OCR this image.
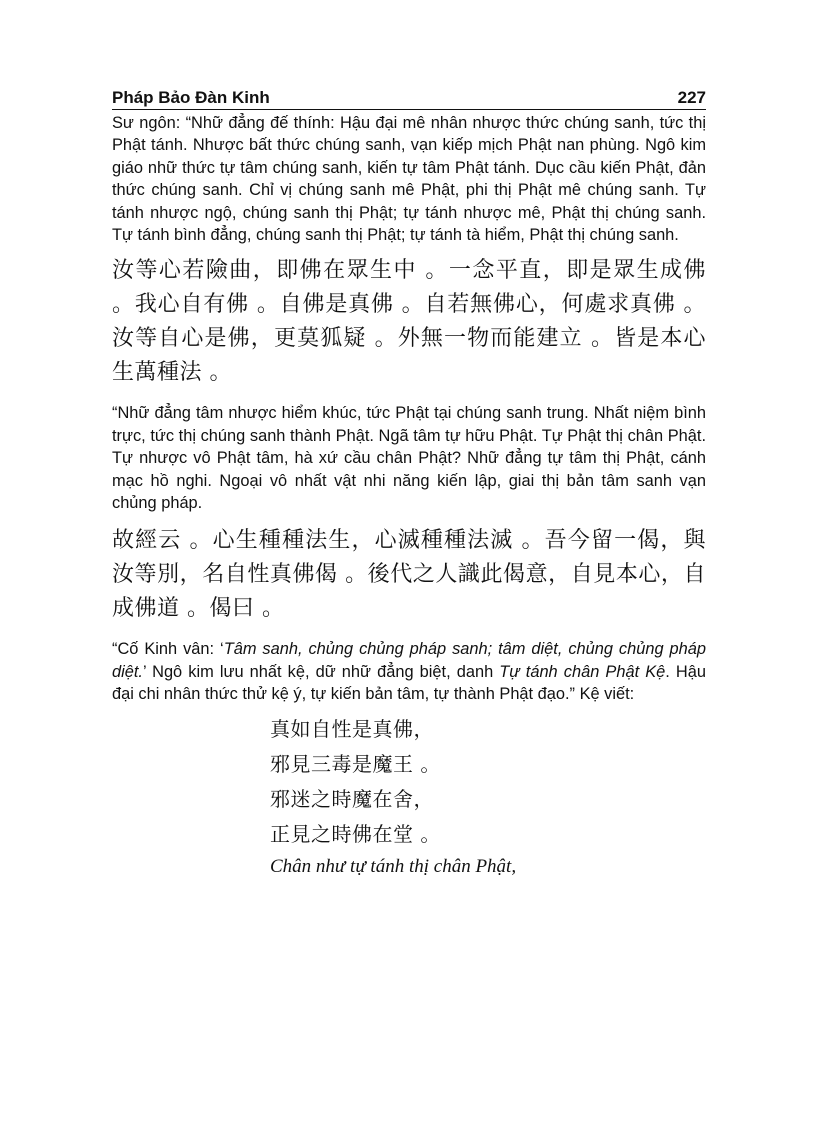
Pháp Bảo Đàn Kinh	227

Sư ngôn: “Nhữ đẳng đế thính: Hậu đại mê nhân nhược thức chúng sanh, tức thị Phật tánh. Nhược bất thức chúng sanh, vạn kiếp mịch Phật nan phùng. Ngô kim giáo nhữ thức tự tâm chúng sanh, kiến tự tâm Phật tánh. Dục cầu kiến Phật, đản thức chúng sanh. Chỉ vị chúng sanh mê Phật, phi thị Phật mê chúng sanh. Tự tánh nhược ngộ, chúng sanh thị Phật; tự tánh nhược mê, Phật thị chúng sanh. Tự tánh bình đẳng, chúng sanh thị Phật; tự tánh tà hiểm, Phật thị chúng sanh.

汝等心若險曲，即佛在眾生中 。一念平直，即是眾生成佛 。我心自有佛 。自佛是真佛 。自若無佛心，何處求真佛 。汝等自心是佛，更莫狐疑 。外無一物而能建立 。皆是本心生萬種法 。

“Nhữ đẳng tâm nhược hiểm khúc, tức Phật tại chúng sanh trung. Nhất niệm bình trực, tức thị chúng sanh thành Phật. Ngã tâm tự hữu Phật. Tự Phật thị chân Phật. Tự nhược vô Phật tâm, hà xứ cầu chân Phật? Nhữ đẳng tự tâm thị Phật, cánh mạc hồ nghi. Ngoại vô nhất vật nhi năng kiến lập, giai thị bản tâm sanh vạn chủng pháp.

故經云 。心生種種法生，心滅種種法滅 。吾今留一偈，與汝等別，名自性真佛偈 。後代之人識此偈意，自見本心，自成佛道 。偈曰 。

“Cố Kinh vân: ‘Tâm sanh, chủng chủng pháp sanh; tâm diệt, chủng chủng pháp diệt.’ Ngô kim lưu nhất kệ, dữ nhữ đẳng biệt, danh Tự tánh chân Phật Kệ. Hậu đại chi nhân thức thử kệ ý, tự kiến bản tâm, tự thành Phật đạo.” Kệ viết:

真如自性是真佛，
邪見三毒是魔王 。
邪迷之時魔在舍，
正見之時佛在堂 。
Chân như tự tánh thị chân Phật,
